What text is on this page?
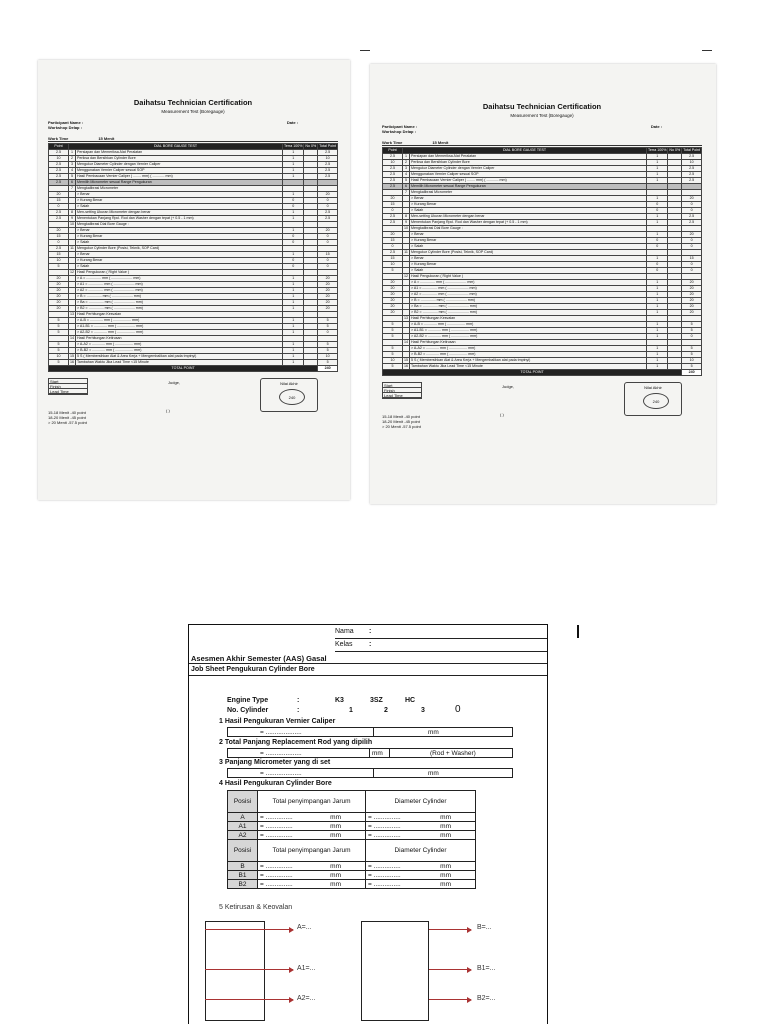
Daihatsu Technician Certification
Measurement Test (Boregauge)
Participant Name :	Date :
Workshop Delap :
Work Time	15 Menit
Point	DIAL BORE GAUGE TEST		Terra 100%	No 0%	Total Point
2.5	1	Persiapan dan Memeriksa Alat Peralatan	1		2.5
10	2	Periksa dan Bersihkan Cylinder Bore	1		10
2.5	3	Mengukur Diameter Cylinder dengan Vernier Caliper	1		2.5
2.5	4	Menggunakan Vernier Caliper sesuai SOP	1		2.5
2.5	5	Hasil Pembacaan Vernier Caliper ( ........ mm) ( ............ mm)	1		2.5
2.5	6	Memilih Micrometer sesuai Range Pengukuran			
	7	Mengkalibrasi Micrometer			
20		> Benar	1		20
15		> Kurang Benar	0		0
0		> Salah	0		0
2.5	8	Men-setting Ukuran Micrometer dengan benar	1		2.5
2.5	9	Menentukan Panjang Rpcl. Rod dan Washer dengan tepat (+ 0.5 - 1 mm)	1		2.5
	10	Mengkalibrasi Dial Bore Gauge :			
20		> Benar	1		20
15		> Kurang Benar	0		0
0		> Salah	0		0
2.5	11	Mengukur Cylinder Bore (Posisi, Teknik, SOP Card)			
15		> Benar	1		15
10		> Kurang Benar	0		0
5		> Salah	0		0
	12	Hasil Pengukuran ( Right Value )			
20		> A = ............... mm ( ..................... mm)	1		20
20		> A1 = ............... mm ( ..................... mm)	1		20
20		> A2 = ............... mm ( ..................... mm)	1		20
20		> B = ............... mm ( ..................... mm)	1		20
20		> Ba = ............... mm ( ..................... mm)	1		20
20		> B2 = ............... mm ( ..................... mm)	1		20
	13	Hasil Perhitungan Kesvalan			
5		> A-B = ............. mm ( .................. mm)	1		5
5		> A1-B1 = ............. mm ( .................. mm)	1		5
5		> A2-B2 = ............. mm ( .................. mm)	1		0
	14	Hasil Perhitungan Ketirusan			
5		> A-A2 = ............. mm ( .................. mm)	1		5
5		> B-B2 = ............. mm ( .................. mm)	1		5
10	15	5 S ( Membersihkan Alat & Area Kerja + Mengembalikan alat pada tmptnyi)	1		10
5	16	Tambahan Waktu Jika Lead Time <15 Minute	1		5
TOTAL POINT					240
Start
Finish
Lead Time
Judge,
( )
15-18 Menit -40 point
18-20 Menit -45 point
> 20 Menit -57.5 point
Nilai Akhir
240
Daihatsu Technician Certification
Measurement Test (Boregauge)
Participant Name :	Date :
Workshop Delap :
Work Time	15 Menit
Point	DIAL BORE GAUGE TEST		Terra 100%	No 0%	Total Point
2.5	1	Persiapan dan Memeriksa Alat Peralatan	1		2.5
10	2	Periksa dan Bersihkan Cylinder Bore	1		10
2.5	3	Mengukur Diameter Cylinder dengan Vernier Caliper	1		2.5
2.5	4	Menggunakan Vernier Caliper sesuai SOP	1		2.5
2.5	5	Hasil Pembacaan Vernier Caliper ( ........ mm) ( ............ mm)	1		2.5
2.5	6	Memilih Micrometer sesuai Range Pengukuran			
	7	Mengkalibrasi Micrometer			
20		> Benar	1		20
15		> Kurang Benar	0		0
0		> Salah	0		0
2.5	8	Men-setting Ukuran Micrometer dengan benar	1		2.5
2.5	9	Menentukan Panjang Rpcl. Rod dan Washer dengan tepat (+ 0.5 - 1 mm)	1		2.5
	10	Mengkalibrasi Dial Bore Gauge :			
20		> Benar	1		20
15		> Kurang Benar	0		0
0		> Salah	0		0
2.5	11	Mengukur Cylinder Bore (Posisi, Teknik, SOP Card)			
15		> Benar	1		15
10		> Kurang Benar	0		0
5		> Salah	0		0
	12	Hasil Pengukuran ( Right Value )			
20		> A = ............... mm ( ..................... mm)	1		20
20		> A1 = ............... mm ( ..................... mm)	1		20
20		> A2 = ............... mm ( ..................... mm)	1		20
20		> B = ............... mm ( ..................... mm)	1		20
20		> Ba = ............... mm ( ..................... mm)	1		20
20		> B2 = ............... mm ( ..................... mm)	1		20
	13	Hasil Perhitungan Kesvalan			
5		> A-B = ............. mm ( .................. mm)	1		5
5		> A1-B1 = ............. mm ( .................. mm)	1		5
5		> A2-B2 = ............. mm ( .................. mm)	1		0
	14	Hasil Perhitungan Ketirusan			
5		> A-A2 = ............. mm ( .................. mm)	1		5
5		> B-B2 = ............. mm ( .................. mm)	1		5
10	15	5 S ( Membersihkan Alat & Area Kerja + Mengembalikan alat pada tmptnyi)	1		10
5	16	Tambahan Waktu Jika Lead Time <15 Minute	1		5
TOTAL POINT					240
Start
Finish
Lead Time
Judge,
( )
15-18 Menit -40 point
18-20 Menit -45 point
> 20 Menit -57.5 point
Nilai Akhir
240
Nama :
Kelas :
Asesmen Akhir Semester (AAS) Gasal
Job Sheet Pengukuran Cylinder Bore
Engine Type	:	K3	3SZ	HC
No. Cylinder	:	1	2	3	0
1 Hasil Pengukuran Vernier Caliper
= ....................	mm
2 Total Panjang Replacement Rod yang dipilih
= ....................	mm	(Rod + Washer)
3 Panjang Micrometer yang di set
= ....................	mm
4 Hasil Pengukuran Cylinder Bore
Posisi	Total penyimpangan Jarum	Diameter Cylinder
A	= ............... mm	= ............... mm

A1	= ............... mm	= ............... mm

A2	= ............... mm	= ............... mm

Posisi	Total penyimpangan Jarum	Diameter Cylinder
B	= ............... mm	= ............... mm

B1	= ............... mm	= ............... mm

B2	= ............... mm	= ............... mm
5 Ketirusan & Keovalan
A=...
A1=...
A2=...
B=...
B1=...
B2=...
